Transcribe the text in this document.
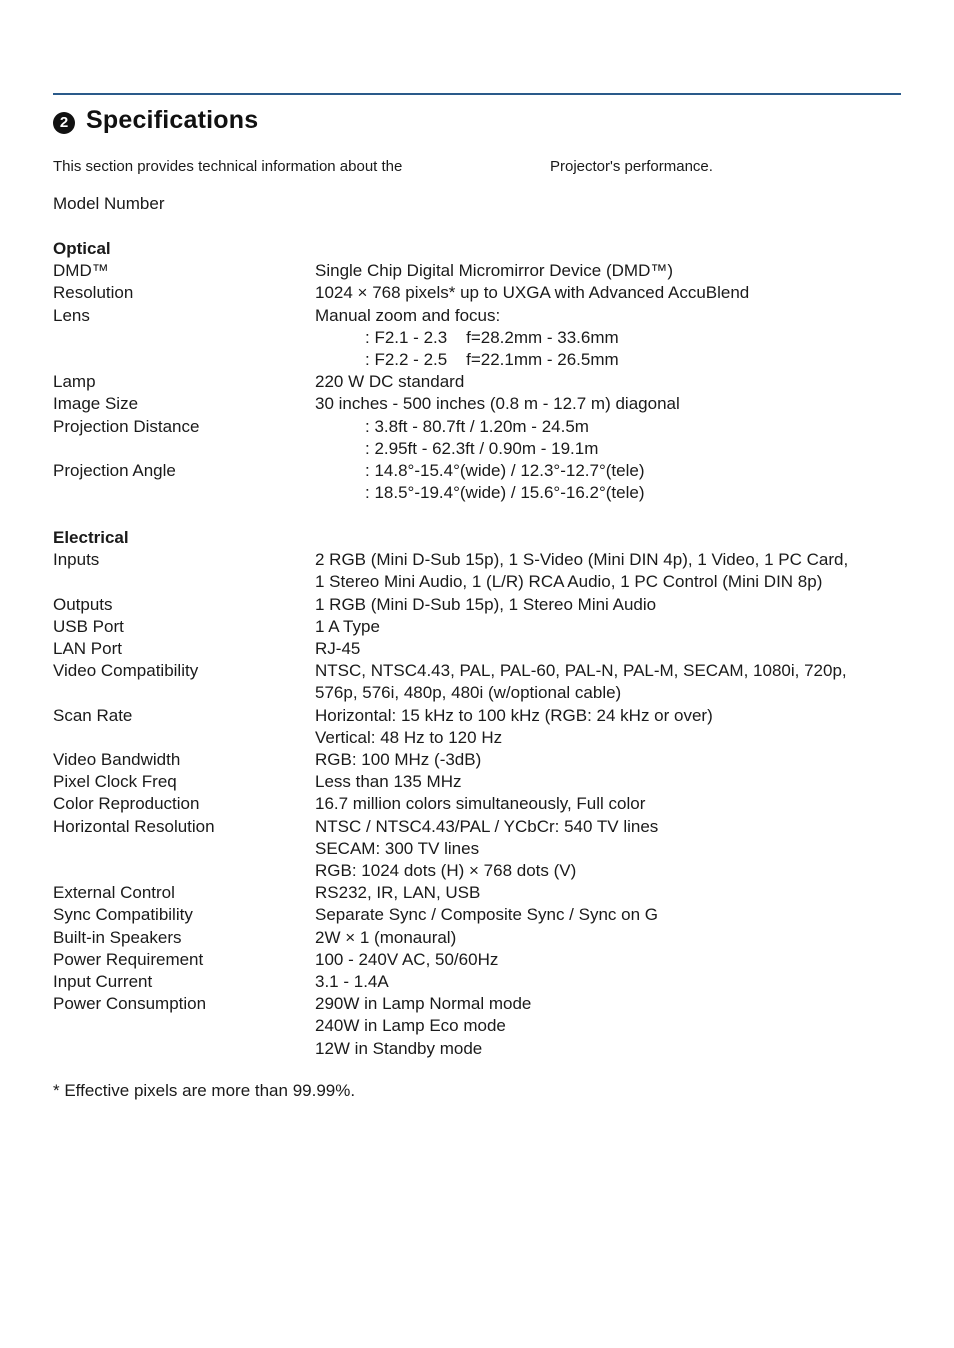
2 Specifications
This section provides technical information about the	Projector's performance.
Model Number
Optical
DMD™	Single Chip Digital Micromirror Device (DMD™)
Resolution	1024 × 768 pixels* up to UXGA with Advanced AccuBlend
Lens	Manual zoom and focus:
: F2.1 - 2.3    f=28.2mm - 33.6mm
: F2.2 - 2.5    f=22.1mm - 26.5mm
Lamp	220 W DC standard
Image Size	30 inches - 500 inches (0.8 m - 12.7 m) diagonal
Projection Distance	: 3.8ft - 80.7ft / 1.20m - 24.5m
: 2.95ft - 62.3ft / 0.90m - 19.1m
Projection Angle	: 14.8°-15.4°(wide) / 12.3°-12.7°(tele)
: 18.5°-19.4°(wide) / 15.6°-16.2°(tele)
Electrical
Inputs	2 RGB (Mini D-Sub 15p), 1 S-Video (Mini DIN 4p), 1 Video, 1 PC Card,
1 Stereo Mini Audio, 1 (L/R) RCA Audio, 1 PC Control (Mini DIN 8p)
Outputs	1 RGB (Mini D-Sub 15p), 1 Stereo Mini Audio
USB Port	1 A Type
LAN Port	RJ-45
Video Compatibility	NTSC, NTSC4.43, PAL, PAL-60, PAL-N, PAL-M, SECAM, 1080i, 720p,
576p, 576i, 480p, 480i (w/optional cable)
Scan Rate	Horizontal: 15 kHz to 100 kHz (RGB: 24 kHz or over)
Vertical: 48 Hz to 120 Hz
Video Bandwidth	RGB: 100 MHz (-3dB)
Pixel Clock Freq	Less than 135 MHz
Color Reproduction	16.7 million colors simultaneously, Full color
Horizontal Resolution	NTSC / NTSC4.43/PAL / YCbCr: 540 TV lines
SECAM: 300 TV lines
RGB: 1024 dots (H) × 768 dots (V)
External Control	RS232, IR, LAN, USB
Sync Compatibility	Separate Sync / Composite Sync / Sync on G
Built-in Speakers	2W × 1 (monaural)
Power Requirement	100 - 240V AC, 50/60Hz
Input Current	3.1 - 1.4A
Power Consumption	290W in Lamp Normal mode
240W in Lamp Eco mode
12W in Standby mode
* Effective pixels are more than 99.99%.
